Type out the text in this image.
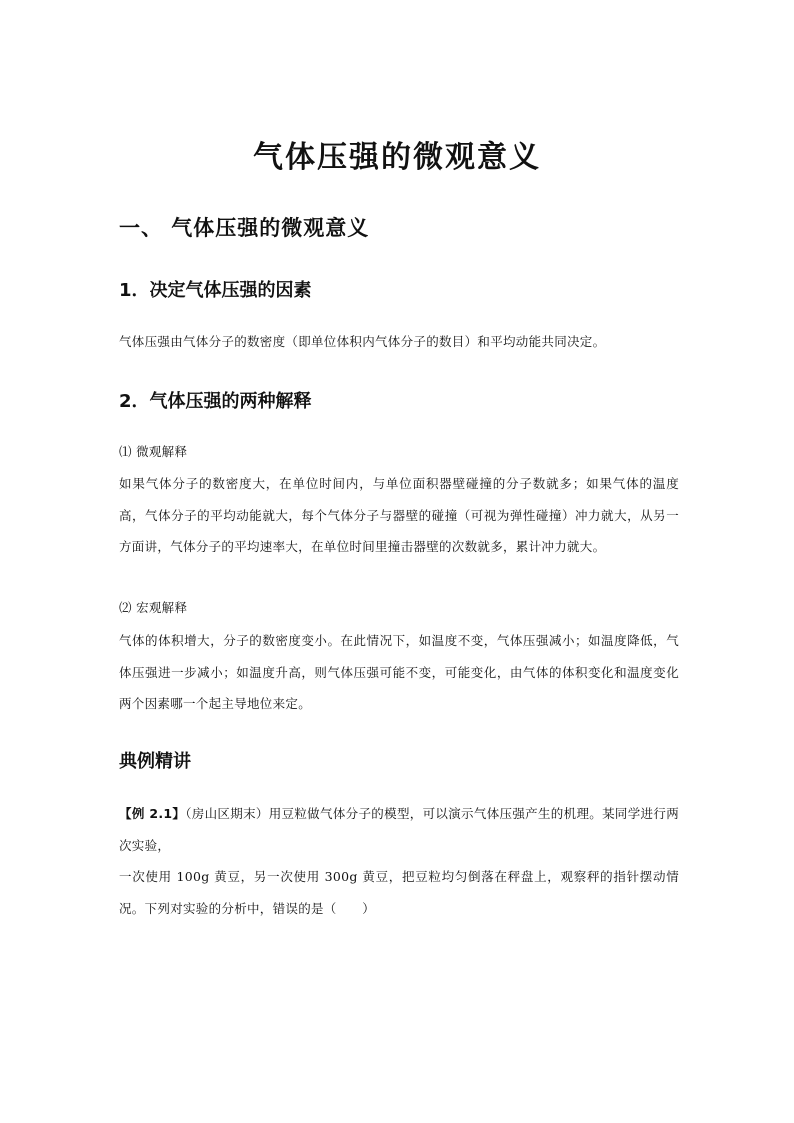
气体压强的微观意义
一、 气体压强的微观意义
1．决定气体压强的因素
气体压强由气体分子的数密度（即单位体积内气体分子的数目）和平均动能共同决定。
2．气体压强的两种解释
⑴ 微观解释
如果气体分子的数密度大，在单位时间内，与单位面积器壁碰撞的分子数就多；如果气体的温度高，气体分子的平均动能就大，每个气体分子与器壁的碰撞（可视为弹性碰撞）冲力就大，从另一方面讲，气体分子的平均速率大，在单位时间里撞击器壁的次数就多，累计冲力就大。
⑵ 宏观解释
气体的体积增大，分子的数密度变小。在此情况下，如温度不变，气体压强减小；如温度降低，气体压强进一步减小；如温度升高，则气体压强可能不变，可能变化，由气体的体积变化和温度变化两个因素哪一个起主导地位来定。
典例精讲
【例 2.1】（房山区期末）用豆粒做气体分子的模型，可以演示气体压强产生的机理。某同学进行两次实验，
一次使用 100g 黄豆，另一次使用 300g 黄豆，把豆粒均匀倒落在秤盘上，观察秤的指针摆动情况。下列对实验的分析中，错误的是（　　）
